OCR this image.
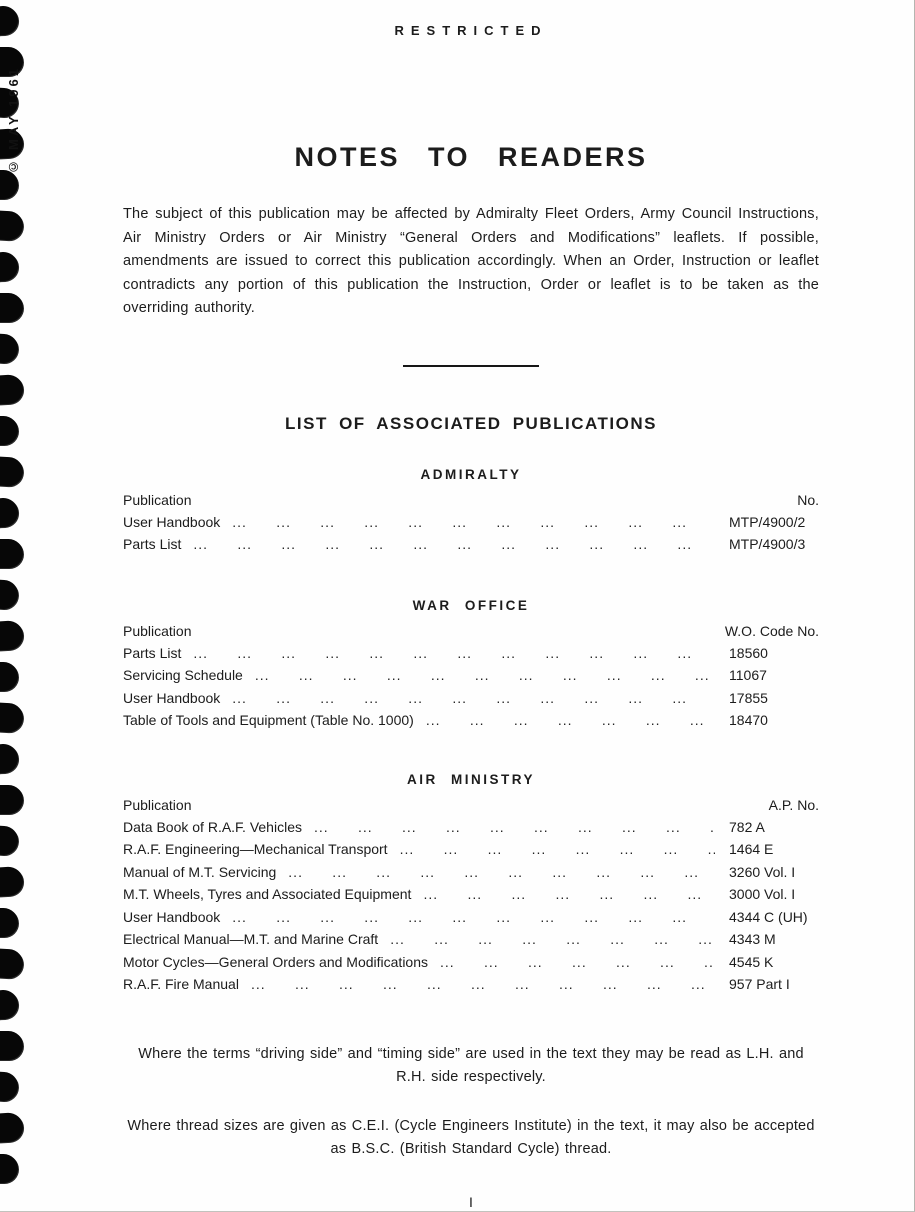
© MAY 1961
RESTRICTED
NOTES TO READERS

The subject of this publication may be affected by Admiralty Fleet Orders, Army Council Instructions, Air Ministry Orders or Air Ministry “General Orders and Modifications” leaflets. If possible, amendments are issued to correct this publication accordingly. When an Order, Instruction or leaflet contradicts any portion of this publication the Instruction, Order or leaflet is to be taken as the overriding authority.

LIST OF ASSOCIATED PUBLICATIONS
ADMIRALTY
Publication	No.
User Handbook ...	MTP/4900/2
Parts List ...	MTP/4900/3
WAR OFFICE
Publication	W.O. Code No.
Parts List ...	18560
Servicing Schedule ...	11067
User Handbook ...	17855
Table of Tools and Equipment (Table No. 1000) ...	18470
AIR MINISTRY
Publication	A.P. No.
Data Book of R.A.F. Vehicles ...	782 A
R.A.F. Engineering—Mechanical Transport ...	1464 E
Manual of M.T. Servicing ...	3260 Vol. I
M.T. Wheels, Tyres and Associated Equipment ...	3000 Vol. I
User Handbook ...	4344 C (UH)
Electrical Manual—M.T. and Marine Craft ...	4343 M
Motor Cycles—General Orders and Modifications ...	4545 K
R.A.F. Fire Manual ...	957 Part I

Where the terms “driving side” and “timing side” are used in the text they may be read as L.H. and R.H. side respectively.

Where thread sizes are given as C.E.I. (Cycle Engineers Institute) in the text, it may also be accepted as B.S.C. (British Standard Cycle) thread.

I
